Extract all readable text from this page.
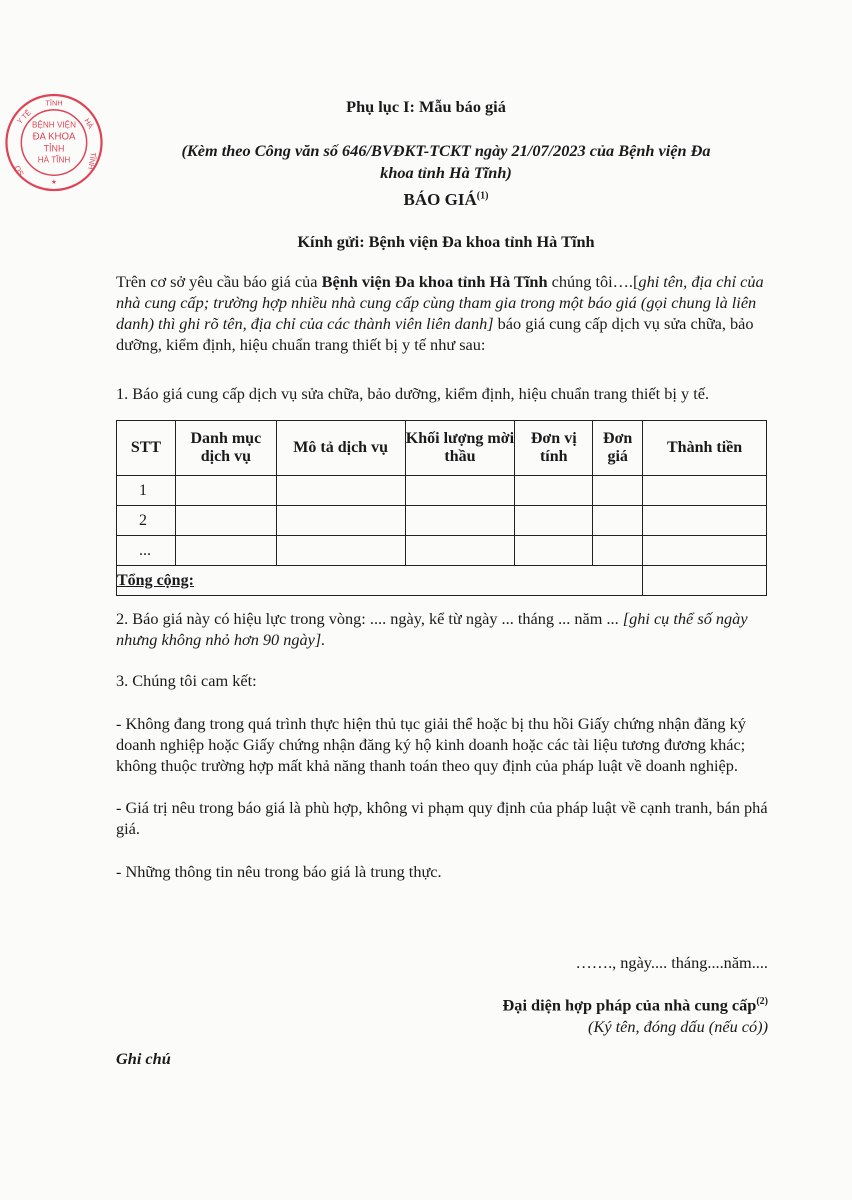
TỈNH
Y TẾ	HÀ
TĨNH
SỞ
BỆNH VIỆN
ĐA KHOA
TỈNH
HÀ TĨNH
★
Phụ lục I: Mẫu báo giá
(Kèm theo Công văn số 646/BVĐKT-TCKT ngày 21/07/2023 của Bệnh viện Đa
khoa tỉnh Hà Tĩnh)
BÁO GIÁ$^{(1)}$
Kính gửi: Bệnh viện Đa khoa tỉnh Hà Tĩnh

Trên cơ sở yêu cầu báo giá của Bệnh viện Đa khoa tỉnh Hà Tĩnh chúng tôi….[ghi tên, địa chỉ của nhà cung cấp; trường hợp nhiều nhà cung cấp cùng tham gia trong một báo giá (gọi chung là liên danh) thì ghi rõ tên, địa chỉ của các thành viên liên danh] báo giá cung cấp dịch vụ sửa chữa, bảo dưỡng, kiểm định, hiệu chuẩn trang thiết bị y tế như sau:

1. Báo giá cung cấp dịch vụ sửa chữa, bảo dưỡng, kiểm định, hiệu chuẩn trang thiết bị y tế.

STT	Danh mục dịch vụ	Mô tả dịch vụ	Khối lượng mời thầu	Đơn vị tính	Đơn giá	Thành tiền
1						
2						
...						
Tổng cộng:						

2. Báo giá này có hiệu lực trong vòng: .... ngày, kể từ ngày ... tháng ... năm ... [ghi cụ thể số ngày nhưng không nhỏ hơn 90 ngày].

3. Chúng tôi cam kết:

- Không đang trong quá trình thực hiện thủ tục giải thể hoặc bị thu hồi Giấy chứng nhận đăng ký doanh nghiệp hoặc Giấy chứng nhận đăng ký hộ kinh doanh hoặc các tài liệu tương đương khác; không thuộc trường hợp mất khả năng thanh toán theo quy định của pháp luật về doanh nghiệp.

- Giá trị nêu trong báo giá là phù hợp, không vi phạm quy định của pháp luật về cạnh tranh, bán phá giá.

- Những thông tin nêu trong báo giá là trung thực.

……., ngày.... tháng....năm....

Đại diện hợp pháp của nhà cung cấp$^{(2)}$

(Ký tên, đóng dấu (nếu có))

Ghi chú
